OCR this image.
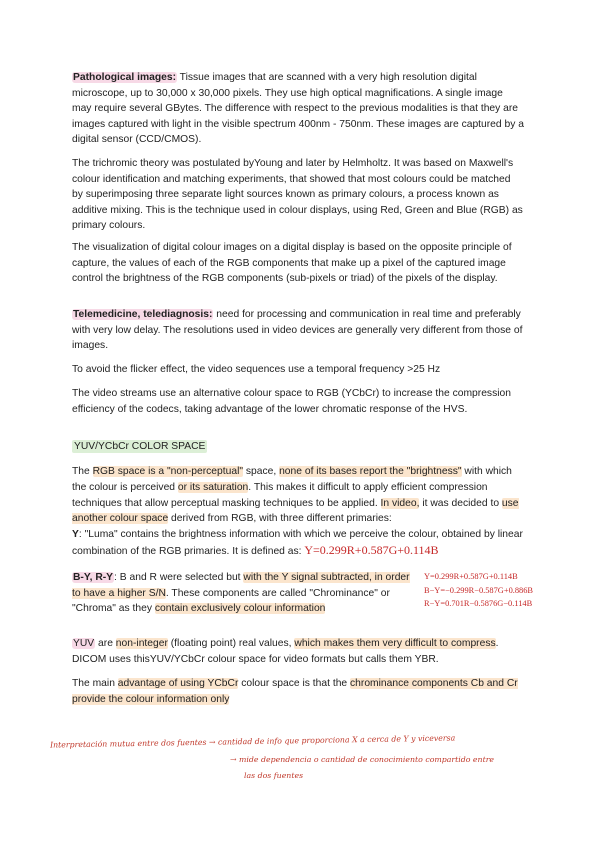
Pathological images: Tissue images that are scanned with a very high resolution digital microscope, up to 30,000 x 30,000 pixels. They use high optical magnifications. A single image may require several GBytes. The difference with respect to the previous modalities is that they are images captured with light in the visible spectrum 400nm - 750nm. These images are captured by a digital sensor (CCD/CMOS).

The trichromic theory was postulated byYoung and later by Helmholtz. It was based on Maxwell's colour identification and matching experiments, that showed that most colours could be matched by superimposing three separate light sources known as primary colours, a process known as additive mixing. This is the technique used in colour displays, using Red, Green and Blue (RGB) as primary colours.

The visualization of digital colour images on a digital display is based on the opposite principle of capture, the values of each of the RGB components that make up a pixel of the captured image control the brightness of the RGB components (sub-pixels or triad) of the pixels of the display.

Telemedicine, telediagnosis: need for processing and communication in real time and preferably with very low delay. The resolutions used in video devices are generally very different from those of images.

To avoid the flicker effect, the video sequences use a temporal frequency >25 Hz

The video streams use an alternative colour space to RGB (YCbCr) to increase the compression efficiency of the codecs, taking advantage of the lower chromatic response of the HVS.

YUV/YCbCr COLOR SPACE

The RGB space is a "non-perceptual" space, none of its bases report the "brightness" with which the colour is perceived or its saturation. This makes it difficult to apply efficient compression techniques that allow perceptual masking techniques to be applied. In video, it was decided to use another colour space derived from RGB, with three different primaries:
Y: "Luma" contains the brightness information with which we perceive the colour, obtained by linear combination of the RGB primaries. It is defined as: Y=0.299R+0.587G+0.114B

B-Y, R-Y: B and R were selected but with the Y signal subtracted, in order to have a higher S/N. These components are called "Chrominance" or "Chroma" as they contain exclusively colour information

Y=0.299R+0.587G+0.114B
B−Y=−0.299R−0.587G+0.886B
R−Y=0.701R−0.5876G−0.114B

YUV are non-integer (floating point) real values, which makes them very difficult to compress. DICOM uses thisYUV/YCbCr colour space for video formats but calls them YBR.

The main advantage of using YCbCr colour space is that the chrominance components Cb and Cr provide the colour information only

Interpretación mutua entre dos fuentes → cantidad de info que proporciona X a cerca de Y y viceversa
→ mide dependencia o cantidad de conocimiento compartido entre
las dos fuentes
